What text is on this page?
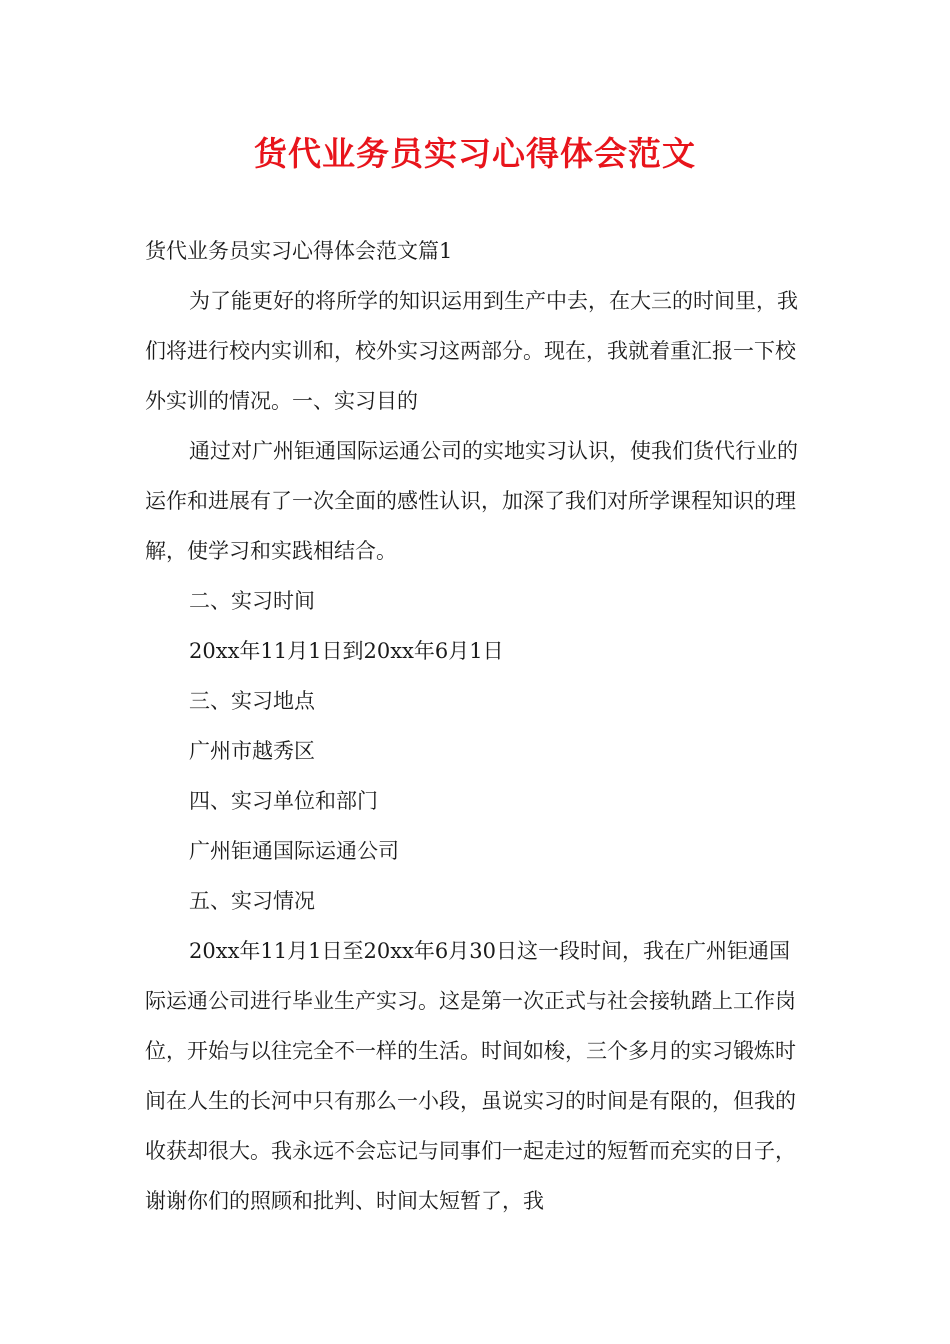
货代业务员实习心得体会范文

货代业务员实习心得体会范文篇1

为了能更好的将所学的知识运用到生产中去，在大三的时间里，我们将进行校内实训和，校外实习这两部分。现在，我就着重汇报一下校外实训的情况。一、实习目的

通过对广州钜通国际运通公司的实地实习认识，使我们货代行业的运作和进展有了一次全面的感性认识，加深了我们对所学课程知识的理解，使学习和实践相结合。

二、实习时间

20xx年11月1日到20xx年6月1日

三、实习地点

广州市越秀区

四、实习单位和部门

广州钜通国际运通公司

五、实习情况

20xx年11月1日至20xx年6月30日这一段时间，我在广州钜通国际运通公司进行毕业生产实习。这是第一次正式与社会接轨踏上工作岗位，开始与以往完全不一样的生活。时间如梭，三个多月的实习锻炼时间在人生的长河中只有那么一小段，虽说实习的时间是有限的，但我的收获却很大。我永远不会忘记与同事们一起走过的短暂而充实的日子，谢谢你们的照顾和批判、时间太短暂了，我
